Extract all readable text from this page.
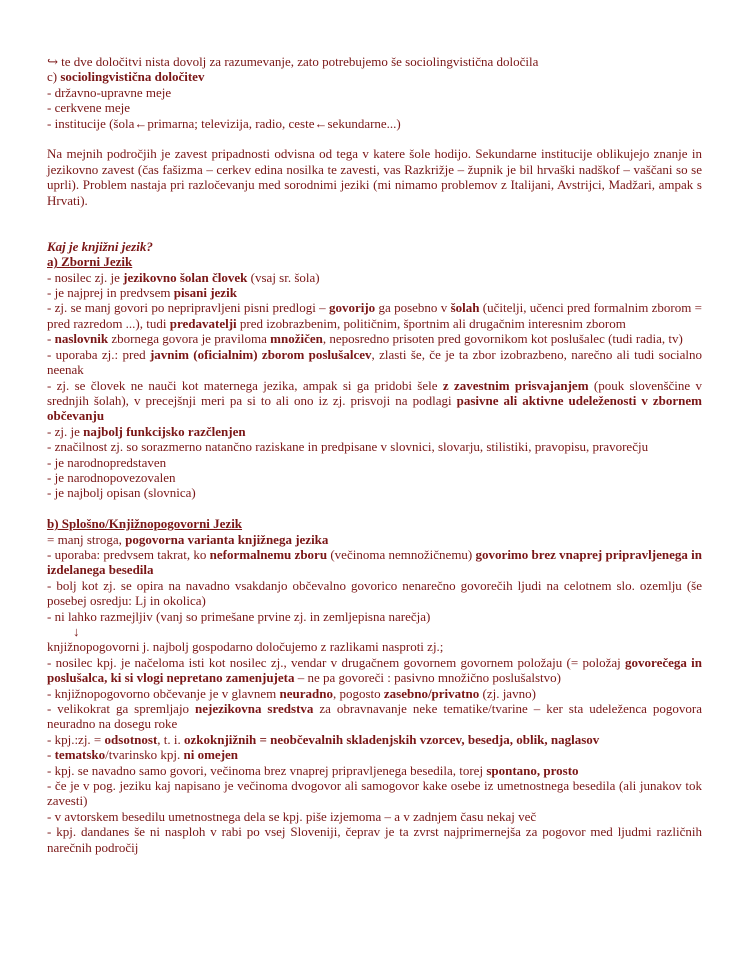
↪ te dve določitvi nista dovolj za razumevanje, zato potrebujemo še sociolingvistična določila

c) sociolingvistična določitev

- državno-upravne meje

- cerkvene meje

- institucije (šola←primarna; televizija, radio, ceste←sekundarne...)

Na mejnih področjih je zavest pripadnosti odvisna od tega v katere šole hodijo. Sekundarne institucije oblikujejo znanje in jezikovno zavest (čas fašizma – cerkev edina nosilka te zavesti, vas Razkrižje – župnik je bil hrvaški nadškof – vaščani so se uprli). Problem nastaja pri razločevanju med sorodnimi jeziki (mi nimamo problemov z Italijani, Avstrijci, Madžari, ampak s Hrvati).

Kaj je knjižni jezik?

a) Zborni Jezik

- nosilec zj. je jezikovno šolan človek (vsaj sr. šola)

- je najprej in predvsem pisani jezik

- zj. se manj govori po nepripravljeni pisni predlogi – govorijo ga posebno v šolah (učitelji, učenci pred formalnim zborom = pred razredom ...), tudi predavatelji pred izobrazbenim, političnim, športnim ali drugačnim interesnim zborom

- naslovnik zbornega govora je praviloma množičen, neposredno prisoten pred govornikom kot poslušalec (tudi radia, tv)

- uporaba zj.: pred javnim (oficialnim) zborom poslušalcev, zlasti še, če je ta zbor izobrazbeno, narečno ali tudi socialno neenak

- zj. se človek ne nauči kot maternega jezika, ampak si ga pridobi šele z zavestnim prisvajanjem (pouk slovenščine v srednjih šolah), v precejšnji meri pa si to ali ono iz zj. prisvoji na podlagi pasivne ali aktivne udeleženosti v zbornem občevanju

- zj. je najbolj funkcijsko razčlenjen

- značilnost zj. so sorazmerno natančno raziskane in predpisane v slovnici, slovarju, stilistiki, pravopisu, pravorečju

- je narodnopredstaven

- je narodnopovezovalen

- je najbolj opisan (slovnica)

b) Splošno/Knjižnopogovorni Jezik

= manj stroga, pogovorna varianta knjižnega jezika

- uporaba: predvsem takrat, ko neformalnemu zboru (večinoma nemnožičnemu) govorimo brez vnaprej pripravljenega in izdelanega besedila

- bolj kot zj. se opira na navadno vsakdanjo občevalno govorico nenarečno govorečih ljudi na celotnem slo. ozemlju (še posebej osredju: Lj in okolica)

- ni lahko razmejljiv (vanj so primešane prvine zj. in zemljepisna narečja)

↓

knjižnopogovorni j. najbolj gospodarno določujemo z razlikami nasproti zj.;

- nosilec kpj. je načeloma isti kot nosilec zj., vendar v drugačnem govornem govornem položaju (= položaj govorečega in poslušalca, ki si vlogi nepretano zamenjujeta – ne pa govoreči : pasivno množično poslušalstvo)

- knjižnopogovorno občevanje je v glavnem neuradno, pogosto zasebno/privatno (zj. javno)

- velikokrat ga spremljajo nejezikovna sredstva za obravnavanje neke tematike/tvarine – ker sta udeleženca pogovora neuradno na dosegu roke

- kpj.:zj. = odsotnost, t. i. ozkoknjižnih = neobčevalnih skladenjskih vzorcev, besedja, oblik, naglasov

- tematsko/tvarinsko kpj. ni omejen

- kpj. se navadno samo govori, večinoma brez vnaprej pripravljenega besedila, torej spontano, prosto

- če je v pog. jeziku kaj napisano je večinoma dvogovor ali samogovor kake osebe iz umetnostnega besedila (ali junakov tok zavesti)

- v avtorskem besedilu umetnostnega dela se kpj. piše izjemoma – a v zadnjem času nekaj več

- kpj. dandanes še ni nasploh v rabi po vsej Sloveniji, čeprav je ta zvrst najprimernejša za pogovor med ljudmi različnih narečnih področij
